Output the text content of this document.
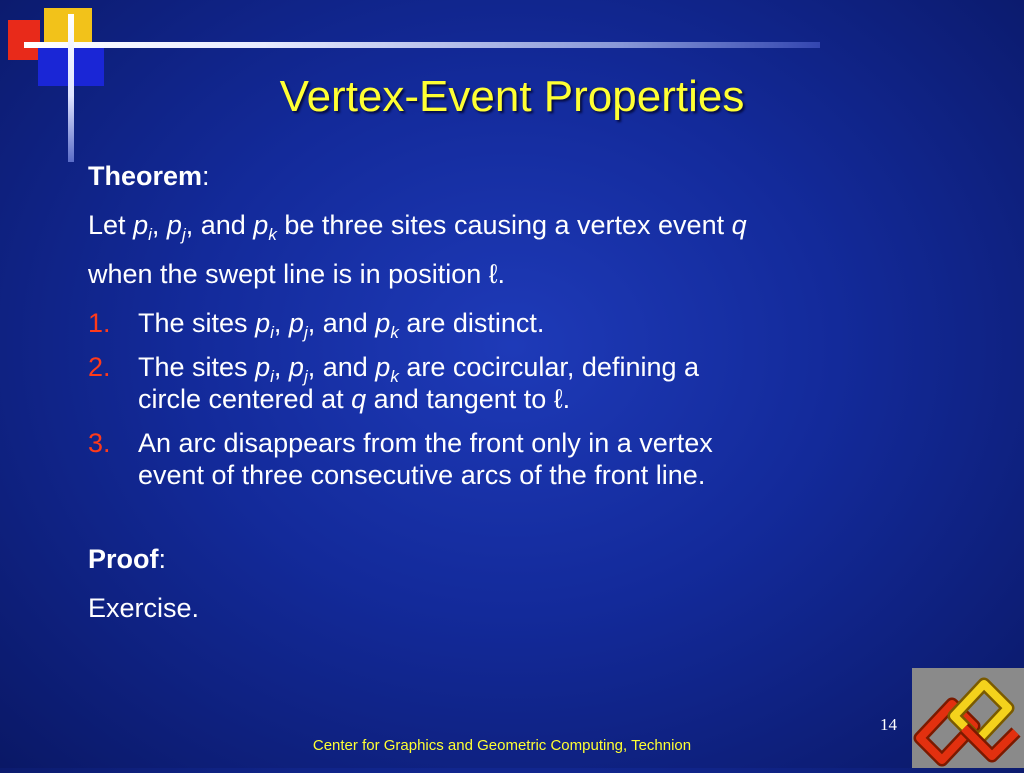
Vertex-Event Properties
Theorem:
Let $p_i$, $p_j$, and $p_k$ be three sites causing a vertex event q
when the swept line is in position ℓ.
1. The sites $p_i$, $p_j$, and $p_k$ are distinct.
2. The sites $p_i$, $p_j$, and $p_k$ are cocircular, defining a
circle centered at q and tangent to ℓ.
3. An arc disappears from the front only in a vertex
event of three consecutive arcs of the front line.
Proof:
Exercise.
14
Center for Graphics and Geometric Computing, Technion
